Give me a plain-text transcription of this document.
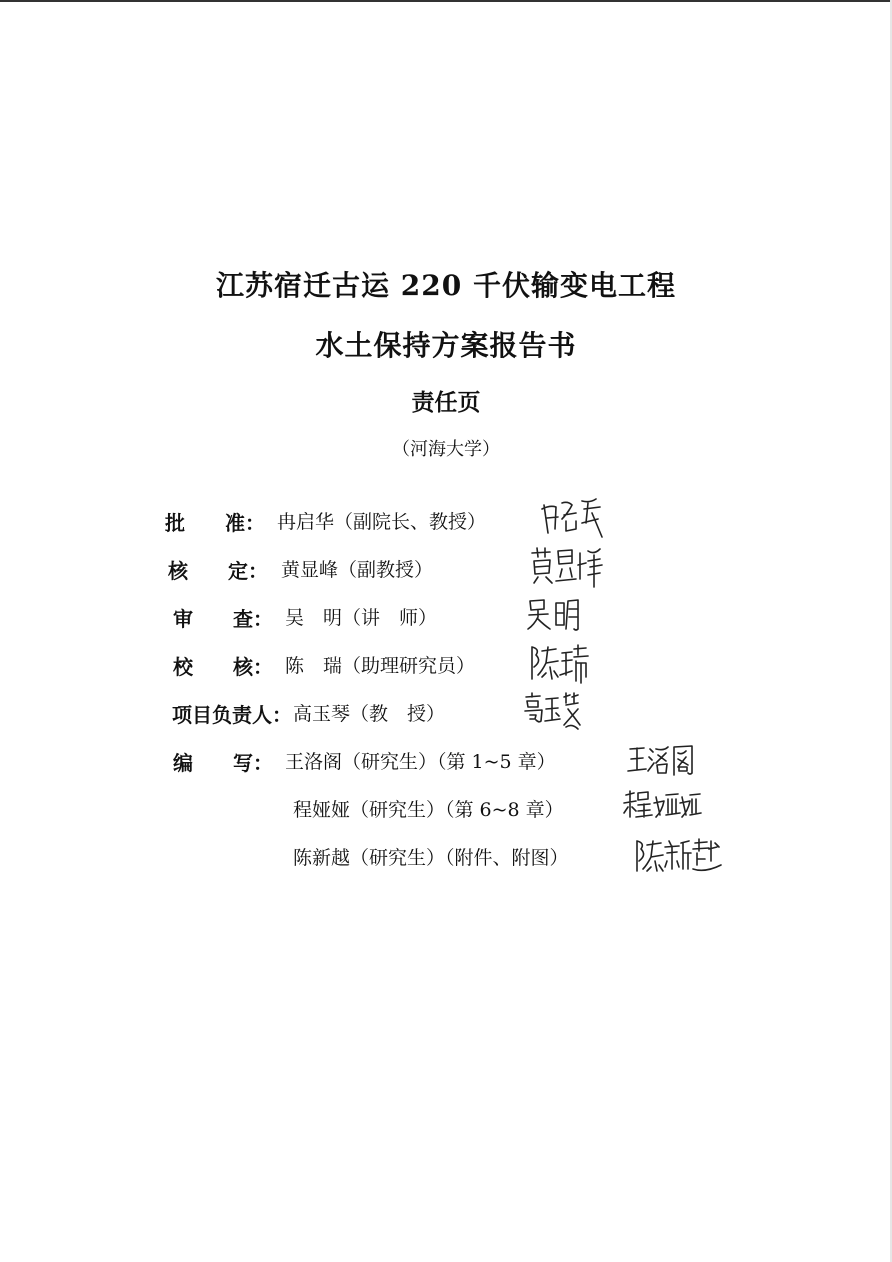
江苏宿迁古运 220 千伏输变电工程
水土保持方案报告书
责任页
（河海大学）
批　　准： 冉启华（副院长、教授）
核　　定： 黄显峰（副教授）
审　　查： 吴　明（讲　师）
校　　核： 陈　瑞（助理研究员）
项目负责人： 高玉琴（教　授）
编　　写： 王洛阁（研究生）（第 1~5 章）
程娅娅（研究生）（第 6~8 章）
陈新越（研究生）（附件、附图）
